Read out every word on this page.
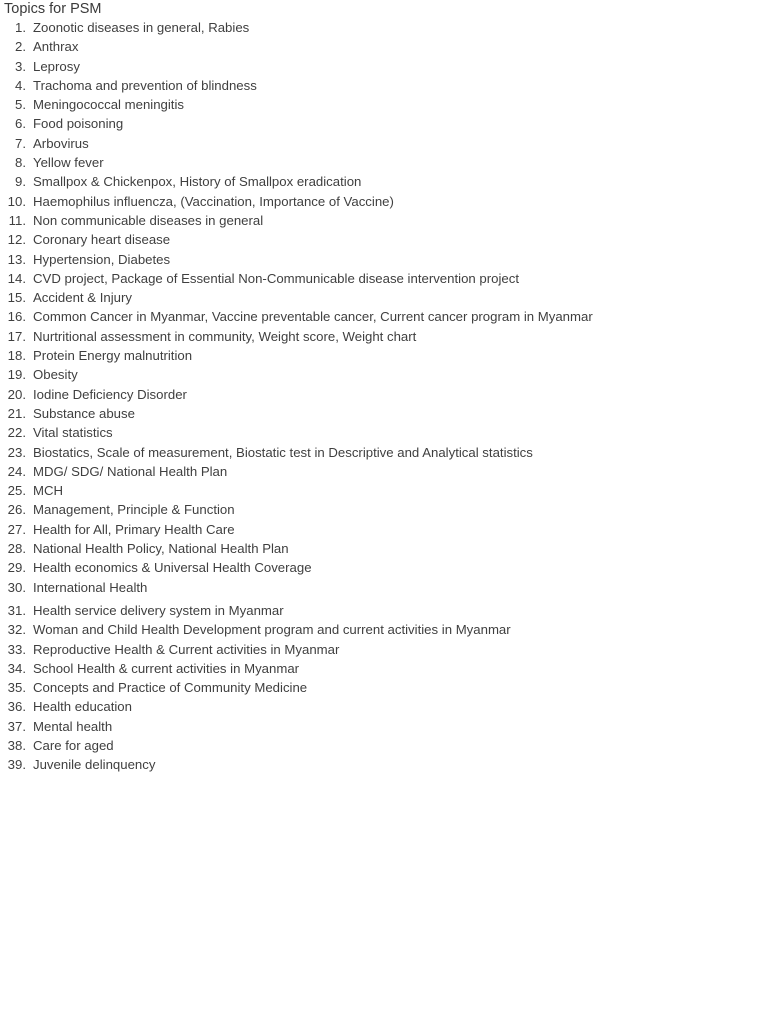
Topics for PSM
1. Zoonotic diseases in general, Rabies
2. Anthrax
3. Leprosy
4. Trachoma and prevention of blindness
5. Meningococcal meningitis
6. Food poisoning
7. Arbovirus
8. Yellow fever
9. Smallpox & Chickenpox, History of Smallpox eradication
10. Haemophilus influencza, (Vaccination, Importance of Vaccine)
11. Non communicable diseases in general
12. Coronary heart disease
13. Hypertension, Diabetes
14. CVD project, Package of Essential Non-Communicable disease intervention project
15. Accident & Injury
16. Common Cancer in Myanmar, Vaccine preventable cancer, Current cancer program in Myanmar
17. Nurtritional assessment in community, Weight score, Weight chart
18. Protein Energy malnutrition
19. Obesity
20. Iodine Deficiency Disorder
21. Substance abuse
22. Vital statistics
23. Biostatics, Scale of measurement, Biostatic test in Descriptive and Analytical statistics
24. MDG/ SDG/ National Health Plan
25. MCH
26. Management, Principle & Function
27. Health for All, Primary Health Care
28. National Health Policy, National Health Plan
29. Health economics & Universal Health Coverage
30. International Health
31. Health service delivery system in Myanmar
32. Woman and Child Health Development program and current activities in Myanmar
33. Reproductive Health & Current activities in Myanmar
34. School Health & current activities in Myanmar
35. Concepts and Practice of Community Medicine
36. Health education
37. Mental health
38. Care for aged
39. Juvenile delinquency
